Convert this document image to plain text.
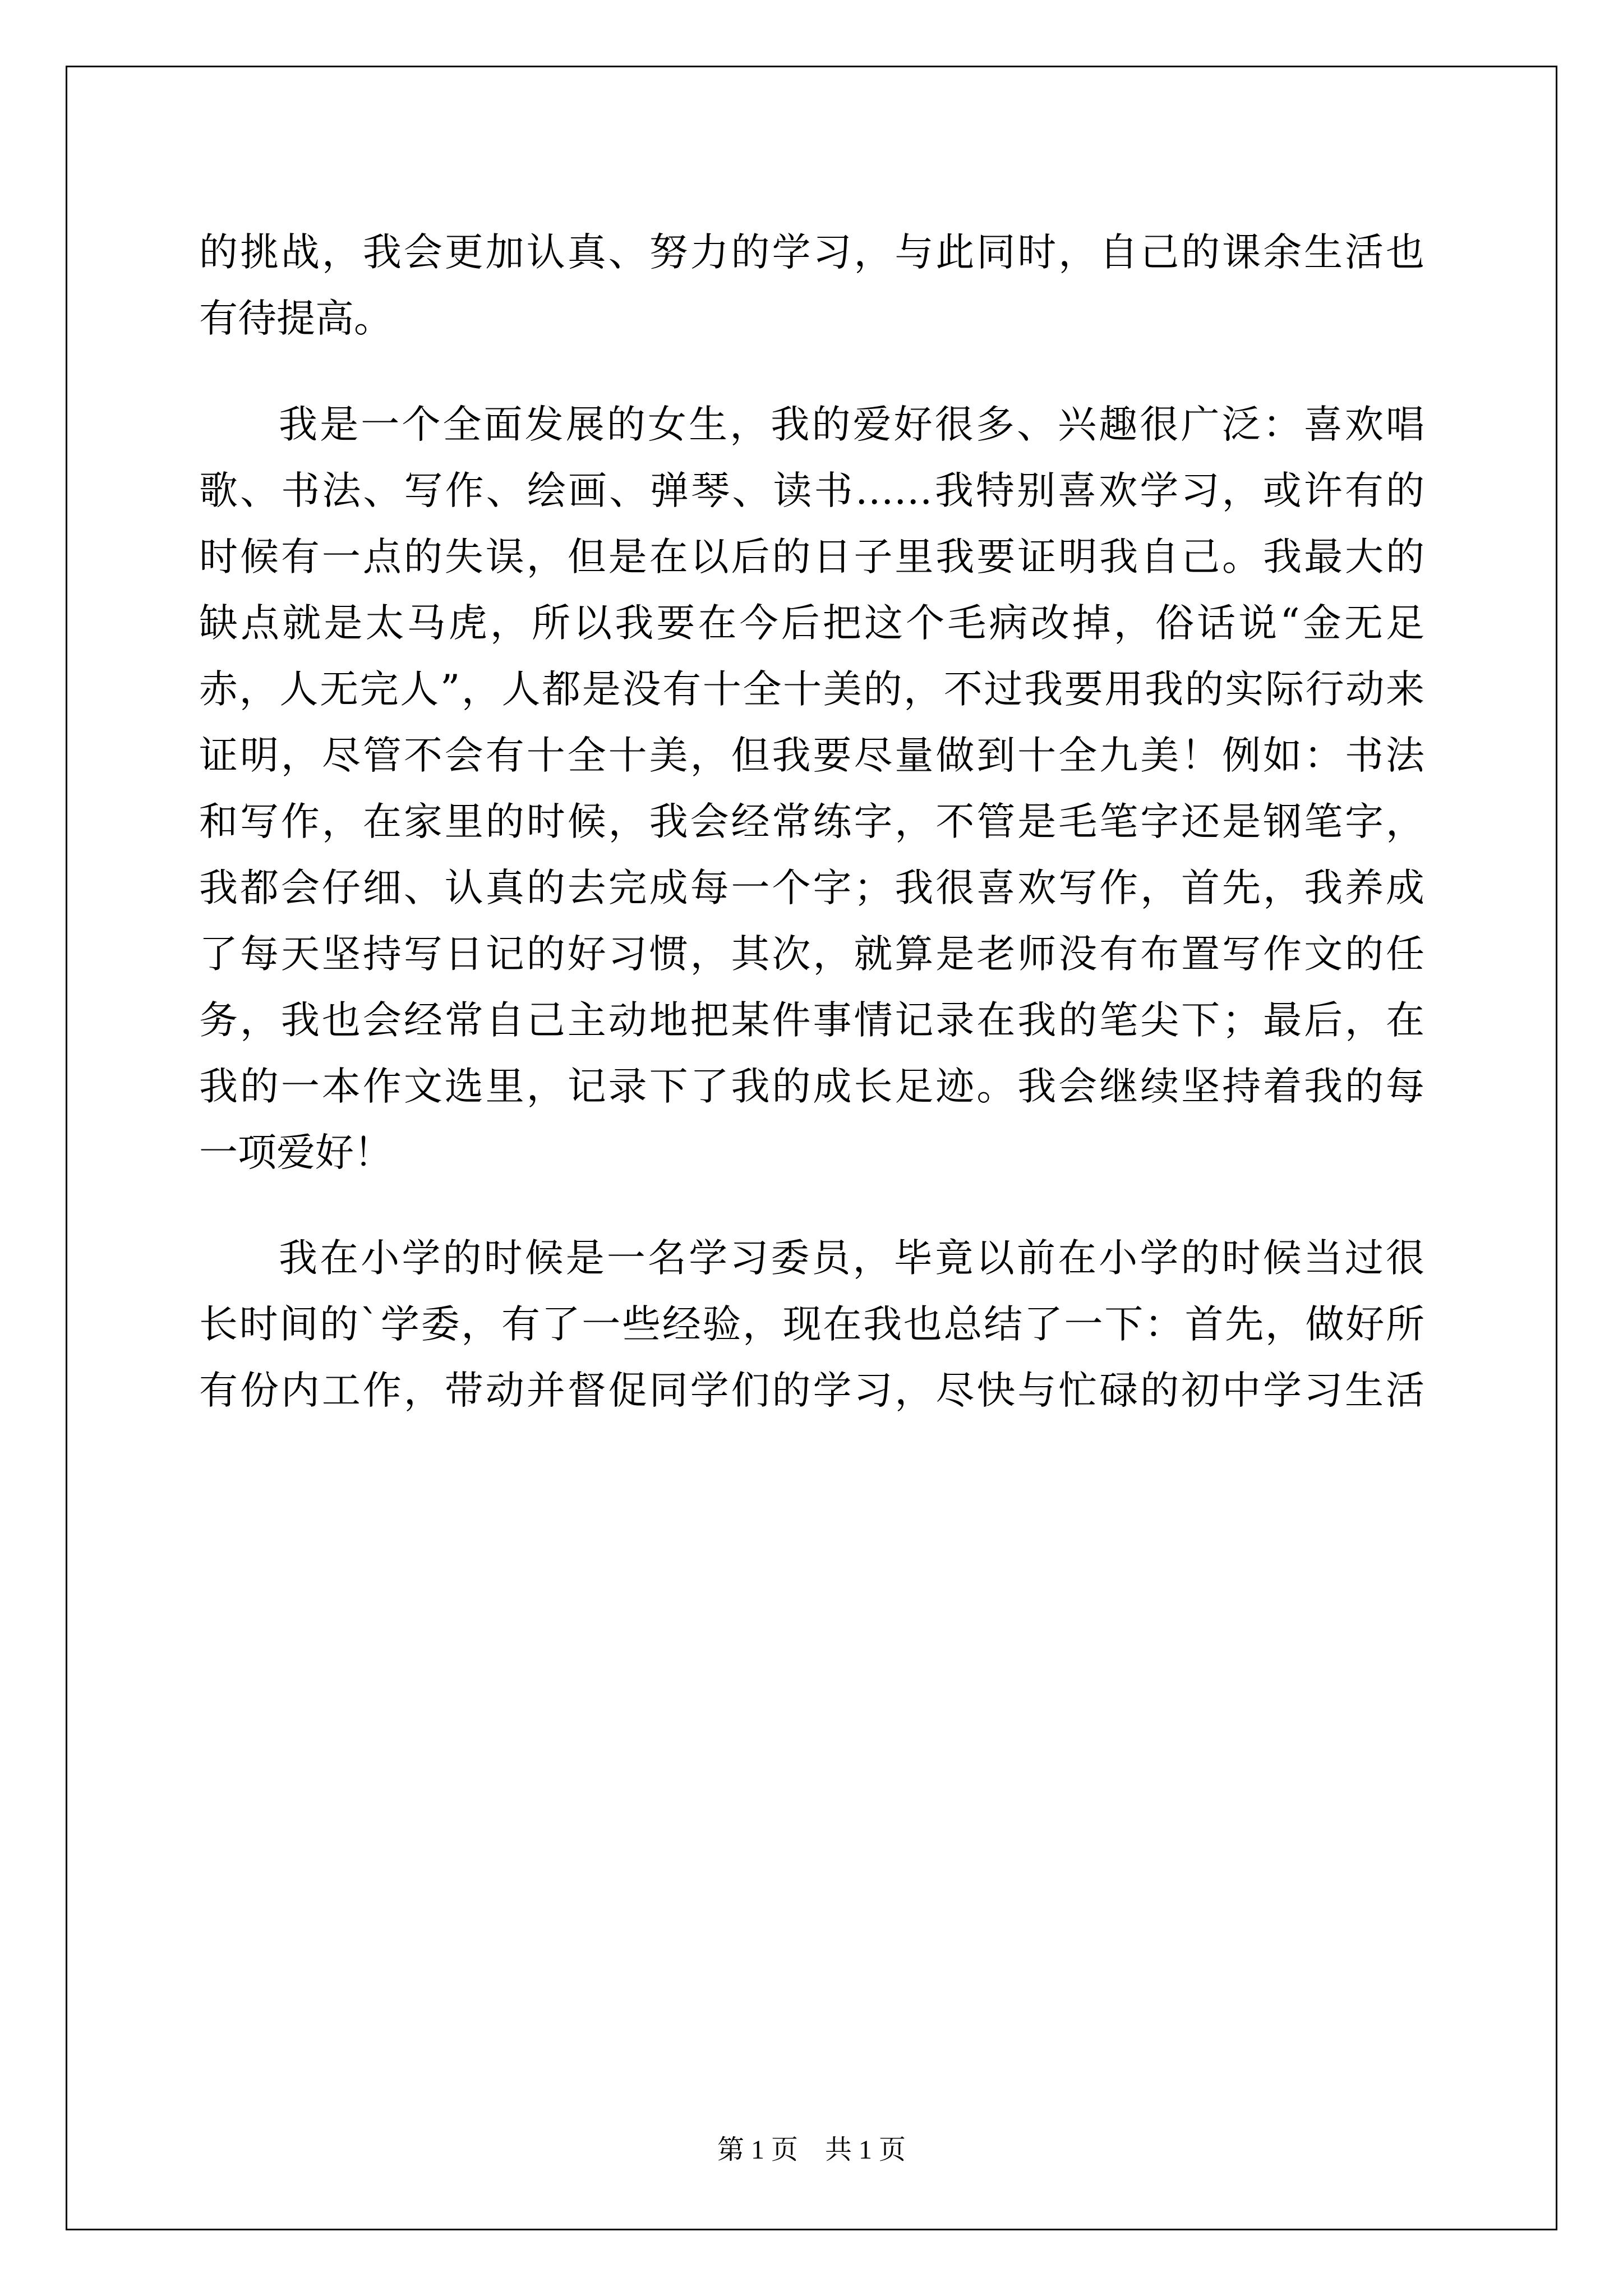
的挑战，我会更加认真、努力的学习，与此同时，自己的课余生活也
有待提高。
我是一个全面发展的女生，我的爱好很多、兴趣很广泛：喜欢唱
歌、书法、写作、绘画、弹琴、读书……我特别喜欢学习，或许有的
时候有一点的失误，但是在以后的日子里我要证明我自己。我最大的
缺点就是太马虎，所以我要在今后把这个毛病改掉，俗话说“金无足
赤，人无完人”，人都是没有十全十美的，不过我要用我的实际行动来
证明，尽管不会有十全十美，但我要尽量做到十全九美！例如：书法
和写作，在家里的时候，我会经常练字，不管是毛笔字还是钢笔字，
我都会仔细、认真的去完成每一个字；我很喜欢写作，首先，我养成
了每天坚持写日记的好习惯，其次，就算是老师没有布置写作文的任
务，我也会经常自己主动地把某件事情记录在我的笔尖下；最后，在
我的一本作文选里，记录下了我的成长足迹。我会继续坚持着我的每
一项爱好！
我在小学的时候是一名学习委员，毕竟以前在小学的时候当过很
长时间的`学委，有了一些经验，现在我也总结了一下：首先，做好所
有份内工作，带动并督促同学们的学习，尽快与忙碌的初中学习生活
第 1 页    共 1 页
